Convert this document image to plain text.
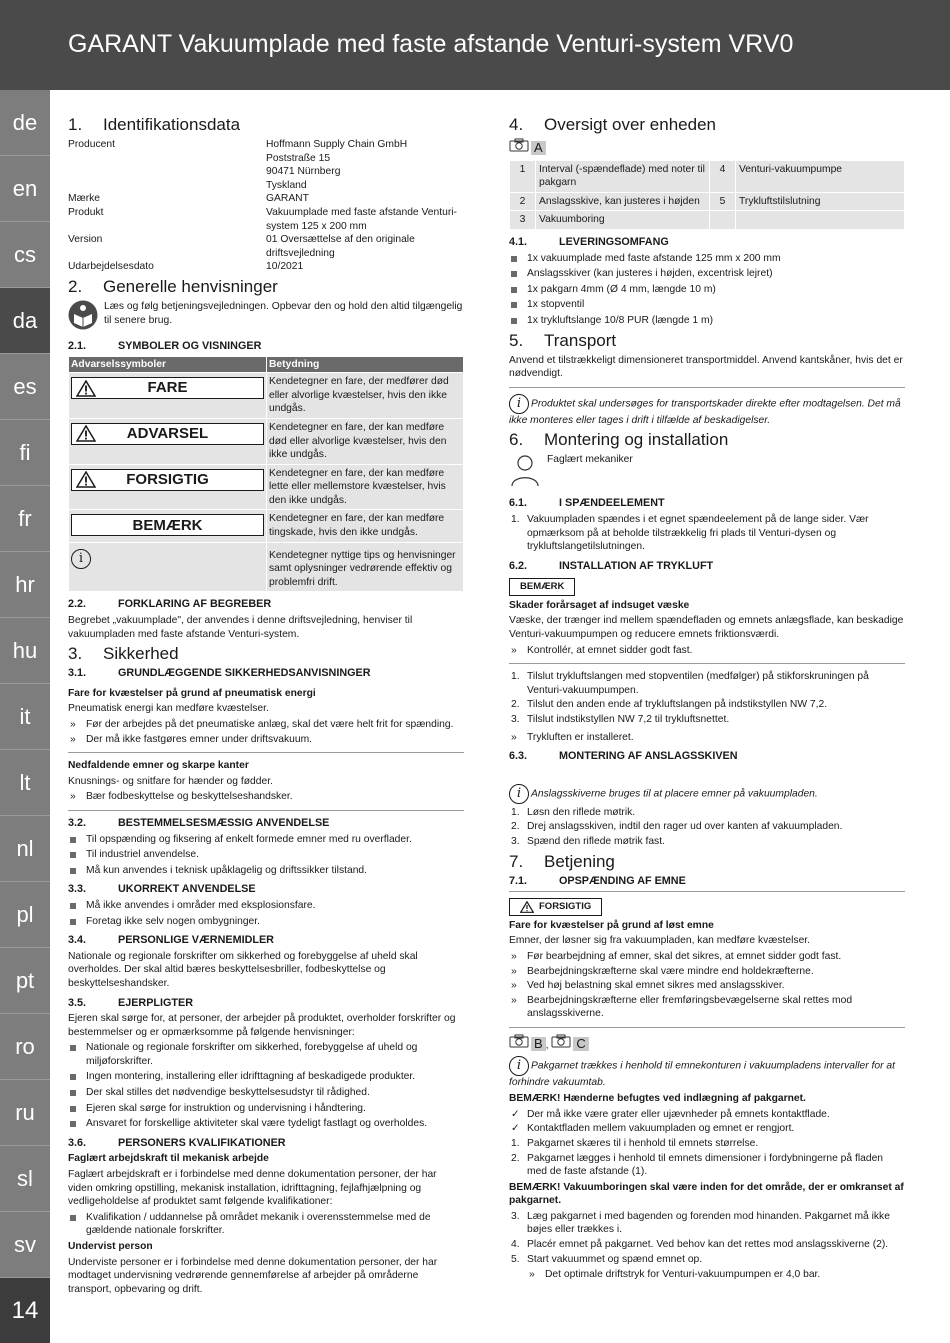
GARANT Vakuumplade med faste afstande Venturi-system VRV0
de
en
cs
da
es
fi
fr
hr
hu
it
lt
nl
pl
pt
ro
ru
sl
sv
14
1.	Identifikationsdata
Producent	Hoffmann Supply Chain GmbH
Poststraße 15
90471 Nürnberg
Tyskland
Mærke	GARANT
Produkt	Vakuumplade med faste afstande Venturi-system 125 x 200 mm
Version	01 Oversættelse af den originale driftsvejledning
Udarbejdelsesdato	10/2021
2.	Generelle henvisninger

Læs og følg betjeningsvejledningen. Opbevar den og hold den altid tilgængelig til senere brug.

2.1.	SYMBOLER OG VISNINGER
Advarselssymboler	Betydning

FARE	Kendetegner en fare, der medfører død eller alvorlige kvæstelser, hvis den ikke undgås.

ADVARSEL	Kendetegner en fare, der kan medføre død eller alvorlige kvæstelser, hvis den ikke undgås.

FORSIGTIG	Kendetegner en fare, der kan medføre lette eller mellemstore kvæstelser, hvis den ikke undgås.

BEMÆRK	Kendetegner en fare, der kan medføre tingskade, hvis den ikke undgås.
i	Kendetegner nyttige tips og henvisninger samt oplysninger vedrørende effektiv og problemfri drift.
2.2.	FORKLARING AF BEGREBER

Begrebet „vakuumplade", der anvendes i denne driftsvejledning, henviser til vakuumpladen med faste afstande Venturi-system.

3.	Sikkerhed
3.1.	GRUNDLÆGGENDE SIKKERHEDSANVISNINGER

Fare for kvæstelser på grund af pneumatisk energi

Pneumatisk energi kan medføre kvæstelser.

» Før der arbejdes på det pneumatiske anlæg, skal det være helt frit for spænding.
» Der må ikke fastgøres emner under driftsvakuum.

Nedfaldende emner og skarpe kanter

Knusnings- og snitfare for hænder og fødder.

» Bær fodbeskyttelse og beskyttelseshandsker.
3.2.	BESTEMMELSESMÆSSIG ANVENDELSE
Til opspænding og fiksering af enkelt formede emner med ru overflader.
Til industriel anvendelse.
Må kun anvendes i teknisk upåklagelig og driftssikker tilstand.
3.3.	UKORREKT ANVENDELSE
Må ikke anvendes i områder med eksplosionsfare.
Foretag ikke selv nogen ombygninger.
3.4.	PERSONLIGE VÆRNEMIDLER

Nationale og regionale forskrifter om sikkerhed og forebyggelse af uheld skal overholdes. Der skal altid bæres beskyttelsesbriller, fodbeskyttelse og beskyttelseshandsker.

3.5.	EJERPLIGTER

Ejeren skal sørge for, at personer, der arbejder på produktet, overholder forskrifter og bestemmelser og er opmærksomme på følgende henvisninger:

Nationale og regionale forskrifter om sikkerhed, forebyggelse af uheld og miljøforskrifter.
Ingen montering, installering eller idrifttagning af beskadigede produkter.
Der skal stilles det nødvendige beskyttelsesudstyr til rådighed.
Ejeren skal sørge for instruktion og undervisning i håndtering.
Ansvaret for forskellige aktiviteter skal være tydeligt fastlagt og overholdes.
3.6.	PERSONERS KVALIFIKATIONER

Faglært arbejdskraft til mekanisk arbejde

Faglært arbejdskraft er i forbindelse med denne dokumentation personer, der har viden omkring opstilling, mekanisk installation, idrifttagning, fejlafhjælpning og vedligeholdelse af produktet samt følgende kvalifikationer:

Kvalifikation / uddannelse på området mekanik i overensstemmelse med de gældende nationale forskrifter.

Undervist person

Underviste personer er i forbindelse med denne dokumentation personer, der har modtaget undervisning vedrørende gennemførelse af arbejder på områderne transport, opbevaring og drift.

4.	Oversigt over enheden
A
1	Interval (-spændeflade) med noter til pakgarn	4	Venturi-vakuumpumpe
2	Anslagsskive, kan justeres i højden	5	Trykluftstilslutning
3	Vakuumboring		
4.1.	LEVERINGSOMFANG
1x vakuumplade med faste afstande 125 mm x 200 mm
Anslagsskiver (kan justeres i højden, excentrisk lejret)
1x pakgarn 4mm (Ø 4 mm, længde 10 m)
1x stopventil
1x trykluftslange 10/8 PUR (længde 1 m)
5.	Transport

Anvend et tilstrækkeligt dimensioneret transportmiddel. Anvend kantskåner, hvis det er nødvendigt.

i Produktet skal undersøges for transportskader direkte efter modtagelsen. Det må ikke monteres eller tages i drift i tilfælde af beskadigelser.

6.	Montering og installation

Faglært mekaniker

6.1.	I SPÆNDEELEMENT
1. Vakuumpladen spændes i et egnet spændeelement på de lange sider. Vær opmærksom på at beholde tilstrækkelig fri plads til Venturi-dysen og trykluftslangetilslutningen.
6.2.	INSTALLATION AF TRYKLUFT
BEMÆRK

Skader forårsaget af indsuget væske

Væske, der trænger ind mellem spændefladen og emnets anlægsflade, kan beskadige Venturi-vakuumpumpen og reducere emnets friktionsværdi.

» Kontrollér, at emnet sidder godt fast.
1. Tilslut trykluftslangen med stopventilen (medfølger) på stikforskruningen på Venturi-vakuumpumpen.
2. Tilslut den anden ende af trykluftslangen på indstikstyllen NW 7,2.
3. Tilslut indstikstyllen NW 7,2 til trykluftsnettet.
» Trykluften er installeret.
6.3.	MONTERING AF ANSLAGSSKIVEN

i Anslagsskiverne bruges til at placere emner på vakuumpladen.

1. Løsn den riflede møtrik.
2. Drej anslagsskiven, indtil den rager ud over kanten af vakuumpladen.
3. Spænd den riflede møtrik fast.
7.	Betjening
7.1.	OPSPÆNDING AF EMNE
FORSIGTIG

Fare for kvæstelser på grund af løst emne

Emner, der løsner sig fra vakuumpladen, kan medføre kvæstelser.

» Før bearbejdning af emner, skal det sikres, at emnet sidder godt fast.
» Bearbejdningskræfterne skal være mindre end holdekræfterne.
» Ved høj belastning skal emnet sikres med anslagsskiver.
» Bearbejdningskræfterne eller fremføringsbevægelserne skal rettes mod anslagsskiverne.
B , C

i Pakgarnet trækkes i henhold til emnekonturen i vakuumpladens intervaller for at forhindre vakuumtab.

BEMÆRK! Hænderne befugtes ved indlægning af pakgarnet.

✓ Der må ikke være grater eller ujævnheder på emnets kontaktflade.
✓ Kontaktfladen mellem vakuumpladen og emnet er rengjort.
1. Pakgarnet skæres til i henhold til emnets størrelse.
2. Pakgarnet lægges i henhold til emnets dimensioner i fordybningerne på fladen med de faste afstande (1).

BEMÆRK! Vakuumboringen skal være inden for det område, der er omkranset af pakgarnet.

3. Læg pakgarnet i med bagenden og forenden mod hinanden. Pakgarnet må ikke bøjes eller trækkes i.
4. Placér emnet på pakgarnet. Ved behov kan det rettes mod anslagsskiverne (2).
5. Start vakuummet og spænd emnet op.
» Det optimale driftstryk for Venturi-vakuumpumpen er 4,0 bar.
